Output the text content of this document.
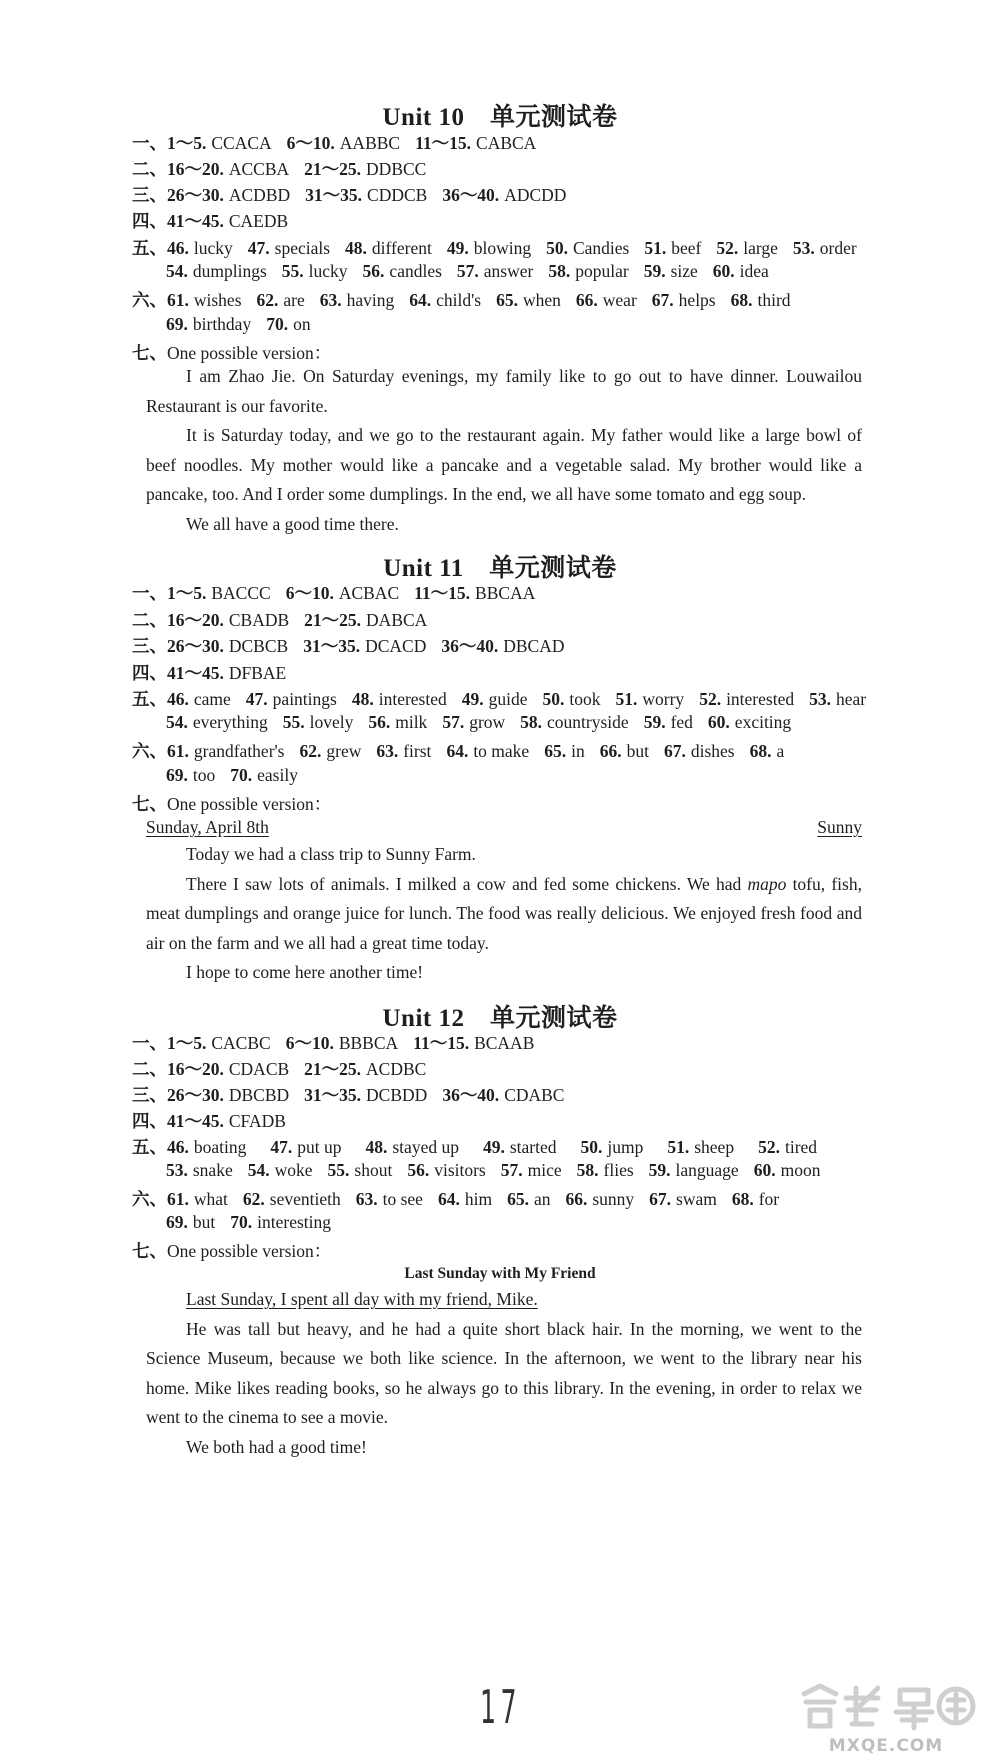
Unit 10　单元测试卷
一、1～5. CCACA 6～10. AABBC 11～15. CABCA
二、16～20. ACCBA 21～25. DDBCC
三、26～30. ACDBD 31～35. CDDCB 36～40. ADCDD
四、41～45. CAEDB
五、46. lucky 47. specials 48. different 49. blowing 50. Candies 51. beef 52. large 53. order
54. dumplings 55. lucky 56. candles 57. answer 58. popular 59. size 60. idea
六、61. wishes 62. are 63. having 64. child's 65. when 66. wear 67. helps 68. third
69. birthday 70. on
七、One possible version：

I am Zhao Jie. On Saturday evenings, my family like to go out to have dinner. Louwailou Restaurant is our favorite.

It is Saturday today, and we go to the restaurant again. My father would like a large bowl of beef noodles. My mother would like a pancake and a vegetable salad. My brother would like a pancake, too. And I order some dumplings. In the end, we all have some tomato and egg soup.

We all have a good time there.

Unit 11　单元测试卷
一、1～5. BACCC 6～10. ACBAC 11～15. BBCAA
二、16～20. CBADB 21～25. DABCA
三、26～30. DCBCB 31～35. DCACD 36～40. DBCAD
四、41～45. DFBAE
五、46. came 47. paintings 48. interested 49. guide 50. took 51. worry 52. interested 53. hear
54. everything 55. lovely 56. milk 57. grow 58. countryside 59. fed 60. exciting
六、61. grandfather's 62. grew 63. first 64. to make 65. in 66. but 67. dishes 68. a
69. too 70. easily
七、One possible version：
Sunday, April 8th	Sunny

Today we had a class trip to Sunny Farm.

There I saw lots of animals. I milked a cow and fed some chickens. We had mapo tofu, fish, meat dumplings and orange juice for lunch. The food was really delicious. We enjoyed fresh food and air on the farm and we all had a great time today.

I hope to come here another time!

Unit 12　单元测试卷
一、1～5. CACBC 6～10. BBBCA 11～15. BCAAB
二、16～20. CDACB 21～25. ACDBC
三、26～30. DBCBD 31～35. DCBDD 36～40. CDABC
四、41～45. CFADB
五、46. boating 47. put up 48. stayed up 49. started 50. jump 51. sheep 52. tired
53. snake 54. woke 55. shout 56. visitors 57. mice 58. flies 59. language 60. moon
六、61. what 62. seventieth 63. to see 64. him 65. an 66. sunny 67. swam 68. for
69. but 70. interesting
七、One possible version：
Last Sunday with My Friend

Last Sunday, I spent all day with my friend, Mike.

He was tall but heavy, and he had a quite short black hair. In the morning, we went to the Science Museum, because we both like science. In the afternoon, we went to the library near his home. Mike likes reading books, so he always go to this library. In the evening, in order to relax we went to the cinema to see a movie.

We both had a good time!

17
MXQE.COM
